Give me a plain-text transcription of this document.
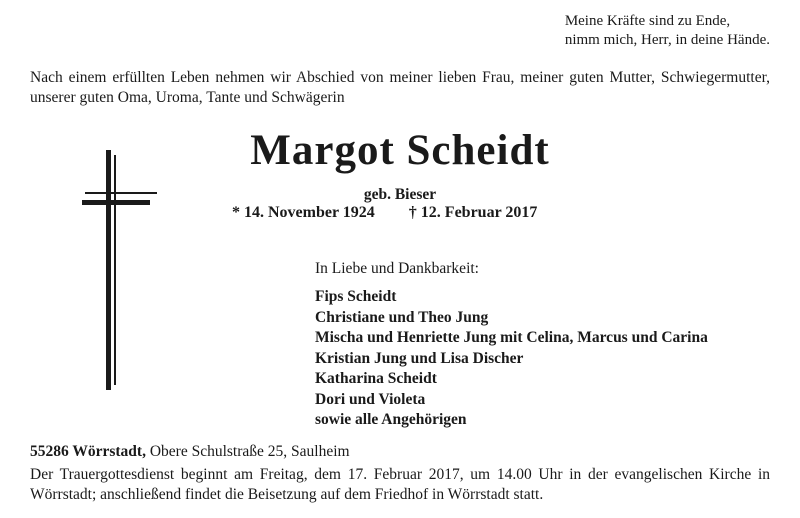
Meine Kräfte sind zu Ende,
nimm mich, Herr, in deine Hände.
Nach einem erfüllten Leben nehmen wir Abschied von meiner lieben Frau, meiner guten Mutter, Schwiegermutter, unserer guten Oma, Uroma, Tante und Schwägerin
Margot Scheidt
geb. Bieser
* 14. November 1924 † 12. Februar 2017
In Liebe und Dankbarkeit:
Fips Scheidt
Christiane und Theo Jung
Mischa und Henriette Jung mit Celina, Marcus und Carina
Kristian Jung und Lisa Discher
Katharina Scheidt
Dori und Violeta
sowie alle Angehörigen
55286 Wörrstadt, Obere Schulstraße 25, Saulheim
Der Trauergottesdienst beginnt am Freitag, dem 17. Februar 2017, um 14.00 Uhr in der evangelischen Kirche in Wörrstadt; anschließend findet die Beisetzung auf dem Friedhof in Wörrstadt statt.
